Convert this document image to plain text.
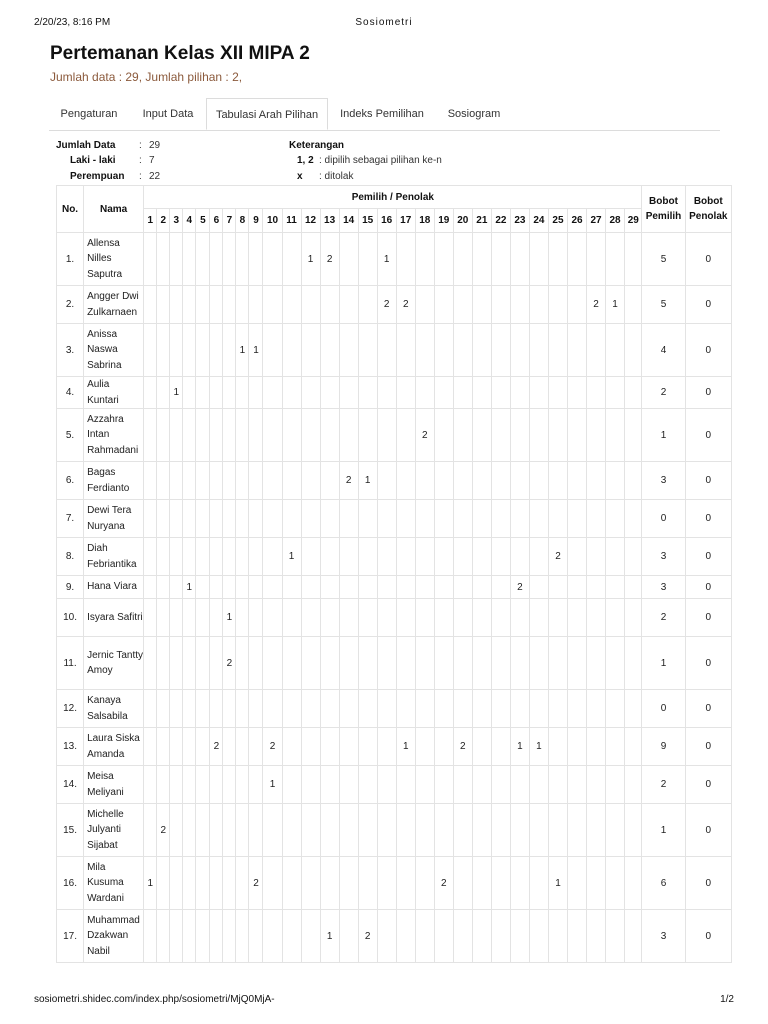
2/20/23, 8:16 PM	Sosiometri
Pertemanan Kelas XII MIPA 2
Jumlah data : 29, Jumlah pilihan : 2,
Pengaturan	Input Data	Tabulasi Arah Pilihan	Indeks Pemilihan	Sosiogram
Jumlah Data : 29
Laki - laki : 7
Perempuan : 22
Keterangan
1, 2 : dipilih sebagai pilihan ke-n
x : ditolak
No.	Nama	Pemilih / Penolak																													Bobot Pemilih	Bobot Penolak
		1	2	3	4	5	6	7	8	9	10	11	12	13	14	15	16	17	18	19	20	21	22	23	24	25	26	27	28	29		
1.	Allensa Nilles Saputra												1	2			1														5	0
2.	Angger Dwi Zulkarnaen																2	2										2	1		5	0
3.	Anissa Naswa Sabrina								1	1																					4	0
4.	Aulia Kuntari			1																											2	0
5.	Azzahra Intan Rahmadani																		2												1	0
6.	Bagas Ferdianto														2	1															3	0
7.	Dewi Tera Nuryana																														0	0
8.	Diah Febriantika											1														2					3	0
9.	Hana Viara				1																			2							3	0
10.	Isyara Safitri							1																							2	0
11.	Jernic Tantty Amoy							2																							1	0
12.	Kanaya Salsabila																														0	0
13.	Laura Siska Amanda						2				2							1			2			1	1						9	0
14.	Meisa Meliyani										1																				2	0
15.	Michelle Julyanti Sijabat		2																												1	0
16.	Mila Kusuma Wardani	1								2										2						1					6	0
17.	Muhammad Dzakwan Nabil													1		2															3	0
sosiometri.shidec.com/index.php/sosiometri/MjQ0MjA-	1/2
